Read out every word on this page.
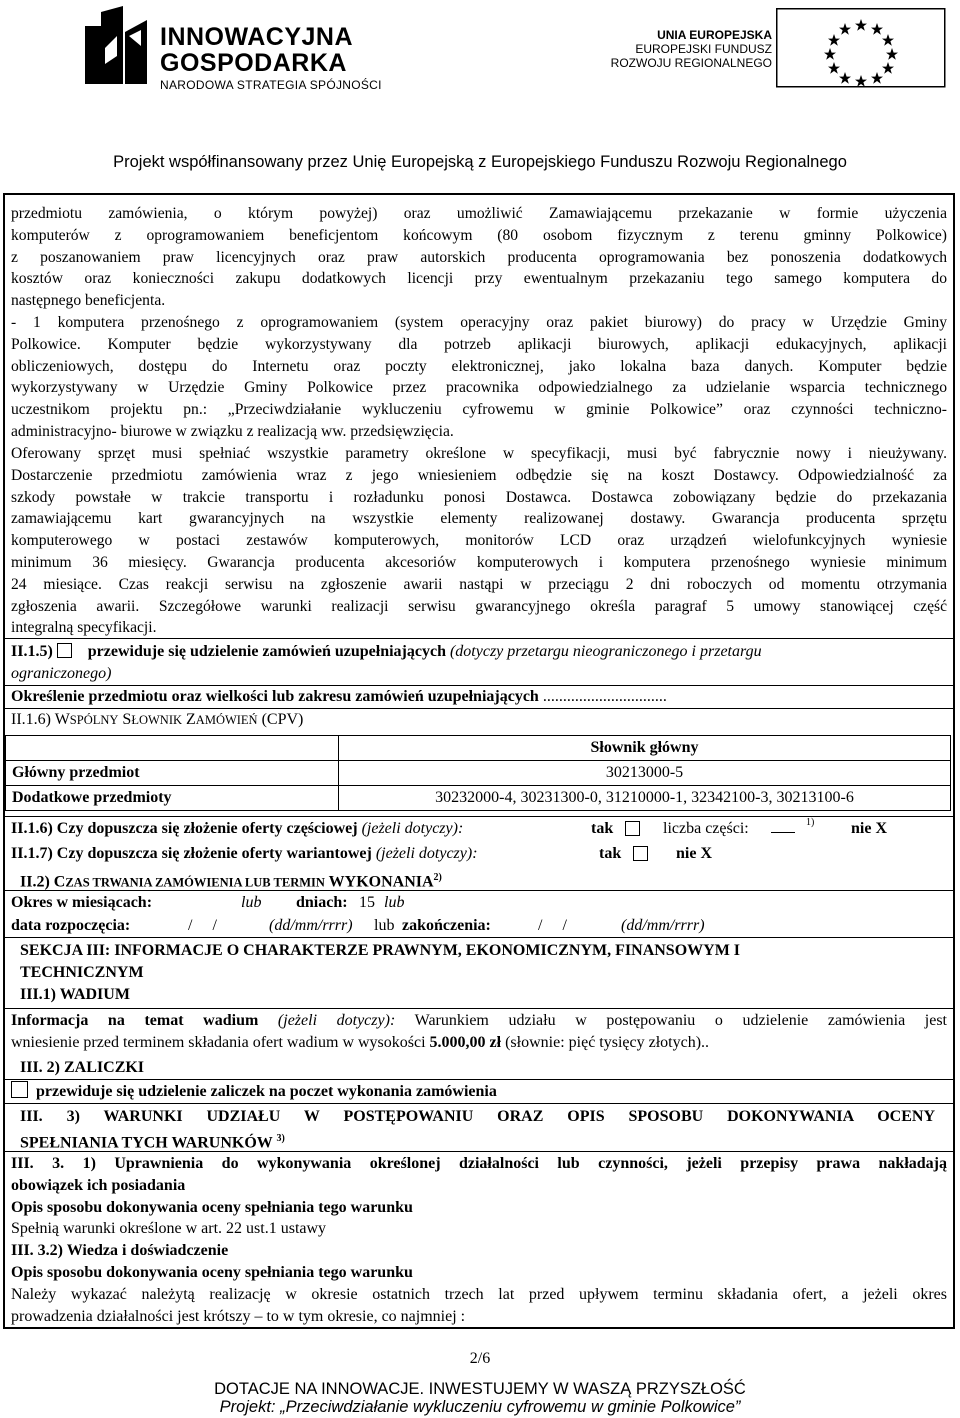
INNOWACYJNA
GOSPODARKA
NARODOWA STRATEGIA SPÓJNOŚCI
UNIA EUROPEJSKA
EUROPEJSKI FUNDUSZ
ROZWOJU REGIONALNEGO
Projekt współfinansowany przez Unię Europejską z Europejskiego Funduszu Rozwoju Regionalnego
przedmiotu zamówienia, o którym powyżej) oraz umożliwić Zamawiającemu przekazanie w formie użyczenia
komputerów z oprogramowaniem beneficjentom końcowym (80 osobom fizycznym z terenu gminny Polkowice)
z poszanowaniem praw licencyjnych oraz praw autorskich producenta oprogramowania bez ponoszenia dodatkowych
kosztów oraz konieczności zakupu dodatkowych licencji przy ewentualnym przekazaniu tego samego komputera do
następnego beneficjenta.
- 1 komputera przenośnego z oprogramowaniem (system operacyjny oraz pakiet biurowy) do pracy w Urzędzie Gminy
Polkowice. Komputer będzie wykorzystywany dla potrzeb aplikacji biurowych, aplikacji edukacyjnych, aplikacji
obliczeniowych, dostępu do Internetu oraz poczty elektronicznej, jako lokalna baza danych. Komputer będzie
wykorzystywany w Urzędzie Gminy Polkowice przez pracownika odpowiedzialnego za udzielanie wsparcia technicznego
uczestnikom projektu pn.: „Przeciwdziałanie wykluczeniu cyfrowemu w gminie Polkowice” oraz czynności techniczno-
administracyjno- biurowe w związku z realizacją ww. przedsięwzięcia.
Oferowany sprzęt musi spełniać wszystkie parametry określone w specyfikacji, musi być fabrycznie nowy i nieużywany.
Dostarczenie przedmiotu zamówienia wraz z jego wniesieniem odbędzie się na koszt Dostawcy. Odpowiedzialność za
szkody powstałe w trakcie transportu i rozładunku ponosi Dostawca. Dostawca zobowiązany będzie do przekazania
zamawiającemu kart gwarancyjnych na wszystkie elementy realizowanej dostawy. Gwarancja producenta sprzętu
komputerowego w postaci zestawów komputerowych, monitorów LCD oraz urządzeń wielofunkcyjnych wyniesie
minimum 36 miesięcy. Gwarancja producenta akcesoriów komputerowych i komputera przenośnego wyniesie minimum
24 miesiące. Czas reakcji serwisu na zgłoszenie awarii nastąpi w przeciągu 2 dni roboczych od momentu otrzymania
zgłoszenia awarii. Szczegółowe warunki realizacji serwisu gwarancyjnego określa paragraf 5 umowy stanowiącej część
integralną specyfikacji.
II.1.5) przewiduje się udzielenie zamówień uzupełniających (dotyczy przetargu nieograniczonego i przetargu
ograniczonego)
Określenie przedmiotu oraz wielkości lub zakresu zamówień uzupełniających ...............................
II.1.6) WSPÓLNY SŁOWNIK ZAMÓWIEŃ (CPV)
	Słownik główny
Główny przedmiot	30213000-5
Dodatkowe przedmioty	30232000-4, 30231300-0, 31210000-1, 32342100-3, 30213100-6
II.1.6) Czy dopuszcza się złożenie oferty częściowej (jeżeli dotyczy):	tak	liczba części:	1) nie X
II.1.7) Czy dopuszcza się złożenie oferty wariantowej (jeżeli dotyczy):	tak	nie X
II.2) CZAS TRWANIA ZAMÓWIENIA LUB TERMIN WYKONANIA$^{2)}$
Okres w miesiącach:	lub dniach: 15 lub
data rozpoczęcia:	/     /	(dd/mm/rrrr) lub zakończenia:	/     /	(dd/mm/rrrr)
SEKCJA III: INFORMACJE O CHARAKTERZE PRAWNYM, EKONOMICZNYM, FINANSOWYM I
TECHNICZNYM
III.1) WADIUM
Informacja na temat wadium (jeżeli dotyczy): Warunkiem udziału w postępowaniu o udzielenie zamówienia jest
wniesienie przed terminem składania ofert wadium w wysokości 5.000,00 zł (słownie: pięć tysięcy złotych)..
III. 2) ZALICZKI
przewiduje się udzielenie zaliczek na poczet wykonania zamówienia
III. 3) WARUNKI UDZIAŁU W POSTĘPOWANIU ORAZ OPIS SPOSOBU DOKONYWANIA OCENY
SPEŁNIANIA TYCH WARUNKÓW $^{3)}$
III. 3. 1) Uprawnienia do wykonywania określonej działalności lub czynności, jeżeli przepisy prawa nakładają
obowiązek ich posiadania
Opis sposobu dokonywania oceny spełniania tego warunku
Spełnią warunki określone w art. 22 ust.1 ustawy
III. 3.2) Wiedza i doświadczenie
Opis sposobu dokonywania oceny spełniania tego warunku
Należy wykazać należytą realizację w okresie ostatnich trzech lat przed upływem terminu składania ofert, a jeżeli okres
prowadzenia działalności jest krótszy – to w tym okresie, co najmniej :
2/6
DOTACJE NA INNOWACJE. INWESTUJEMY W WASZĄ PRZYSZŁOŚĆ
Projekt: „Przeciwdziałanie wykluczeniu cyfrowemu w gminie Polkowice”
